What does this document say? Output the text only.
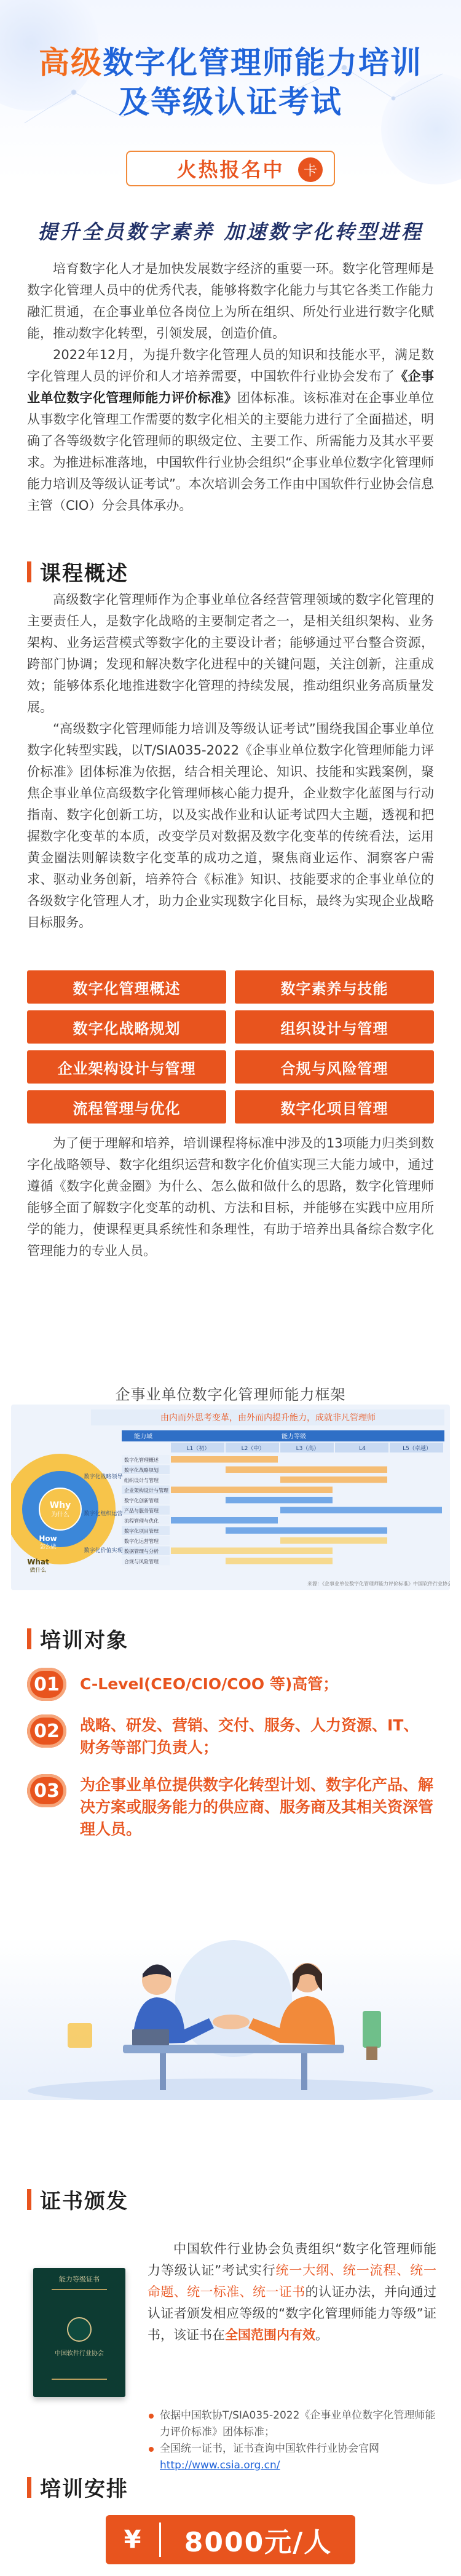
高级数字化管理师能力培训
及等级认证考试
火热报名中	卡
提升全员数字素养 加速数字化转型进程

培育数字化人才是加快发展数字经济的重要一环。数字化管理师是数字化管理人员中的优秀代表，能够将数字化能力与其它各类工作能力融汇贯通，在企事业单位各岗位上为所在组织、所处行业进行数字化赋能，推动数字化转型，引领发展，创造价值。

2022年12月，为提升数字化管理人员的知识和技能水平，满足数字化管理人员的评价和人才培养需要，中国软件行业协会发布了《企事业单位数字化管理师能力评价标准》团体标准。该标准对在企事业单位从事数字化管理工作需要的数字化相关的主要能力进行了全面描述，明确了各等级数字化管理师的职级定位、主要工作、所需能力及其水平要求。为推进标准落地，中国软件行业协会组织“企事业单位数字化管理师能力培训及等级认证考试”。本次培训会务工作由中国软件行业协会信息主管（CIO）分会具体承办。

课程概述

高级数字化管理师作为企事业单位各经营管理领域的数字化管理的主要责任人，是数字化战略的主要制定者之一，是相关组织架构、业务架构、业务运营模式等数字化的主要设计者；能够通过平台整合资源，跨部门协调；发现和解决数字化进程中的关键问题，关注创新，注重成效；能够体系化地推进数字化管理的持续发展，推动组织业务高质量发展。

“高级数字化管理师能力培训及等级认证考试”围绕我国企事业单位数字化转型实践，以T/SIA035-2022《企事业单位数字化管理师能力评价标准》团体标准为依据，结合相关理论、知识、技能和实践案例，聚焦企事业单位高级数字化管理师核心能力提升，企业数字化蓝图与行动指南、数字化创新工坊，以及实战作业和认证考试四大主题，透视和把握数字化变革的本质，改变学员对数据及数字化变革的传统看法，运用黄金圈法则解读数字化变革的成功之道，聚焦商业运作、洞察客户需求、驱动业务创新，培养符合《标准》知识、技能要求的企事业单位的各级数字化管理人才，助力企业实现数字化目标，最终为实现企业战略目标服务。

数字化管理概述	数字素养与技能
数字化战略规划	组织设计与管理
企业架构设计与管理	合规与风险管理
流程管理与优化	数字化项目管理

为了便于理解和培养，培训课程将标准中涉及的13项能力归类到数字化战略领导、数字化组织运营和数字化价值实现三大能力域中，通过遵循《数字化黄金圈》为什么、怎么做和做什么的思路，数字化管理师能够全面了解数字化变革的动机、方法和目标，并能够在实践中应用所学的能力，使课程更具系统性和条理性，有助于培养出具备综合数字化管理能力的专业人员。

企事业单位数字化管理师能力框架
由内而外思考变革，由外而内提升能力，成就非凡管理师
Why
为什么
How
怎么做
What
做什么
能力域	能力等级
L1（初）	L2（中）	L3（高）	L4	L5（卓越）
数字化管理概述
数字化战略规划
组织设计与管理
企业架构设计与管理
数字化创新管理
产品与服务管理
流程管理与优化
数字化项目管理
数字化运营管理
数据管理与分析
合规与风险管理
数字化战略领导
数字化组织运营
数字化价值实现
来源：《企事业单位数字化管理师能力评价标准》中国软件行业协会
培训对象
01	C-Level(CEO/CIO/COO 等)高管；
02	战略、研发、营销、交付、服务、人力资源、IT、财务等部门负责人；
03	为企事业单位提供数字化转型计划、数字化产品、解决方案或服务能力的供应商、服务商及其相关资深管理人员。
证书颁发
能力等级证书
中国软件行业协会

中国软件行业协会负责组织“数字化管理师能力等级认证”考试实行统一大纲、统一流程、统一命题、统一标准、统一证书的认证办法，并向通过认证者颁发相应等级的“数字化管理师能力等级”证书，该证书在全国范围内有效。

依据中国软协T/SIA035-2022《企事业单位数字化管理师能力评价标准》团体标准；
全国统一证书，证书查询中国软件行业协会官网
http://www.csia.org.cn/
培训安排
¥	8000元/人
